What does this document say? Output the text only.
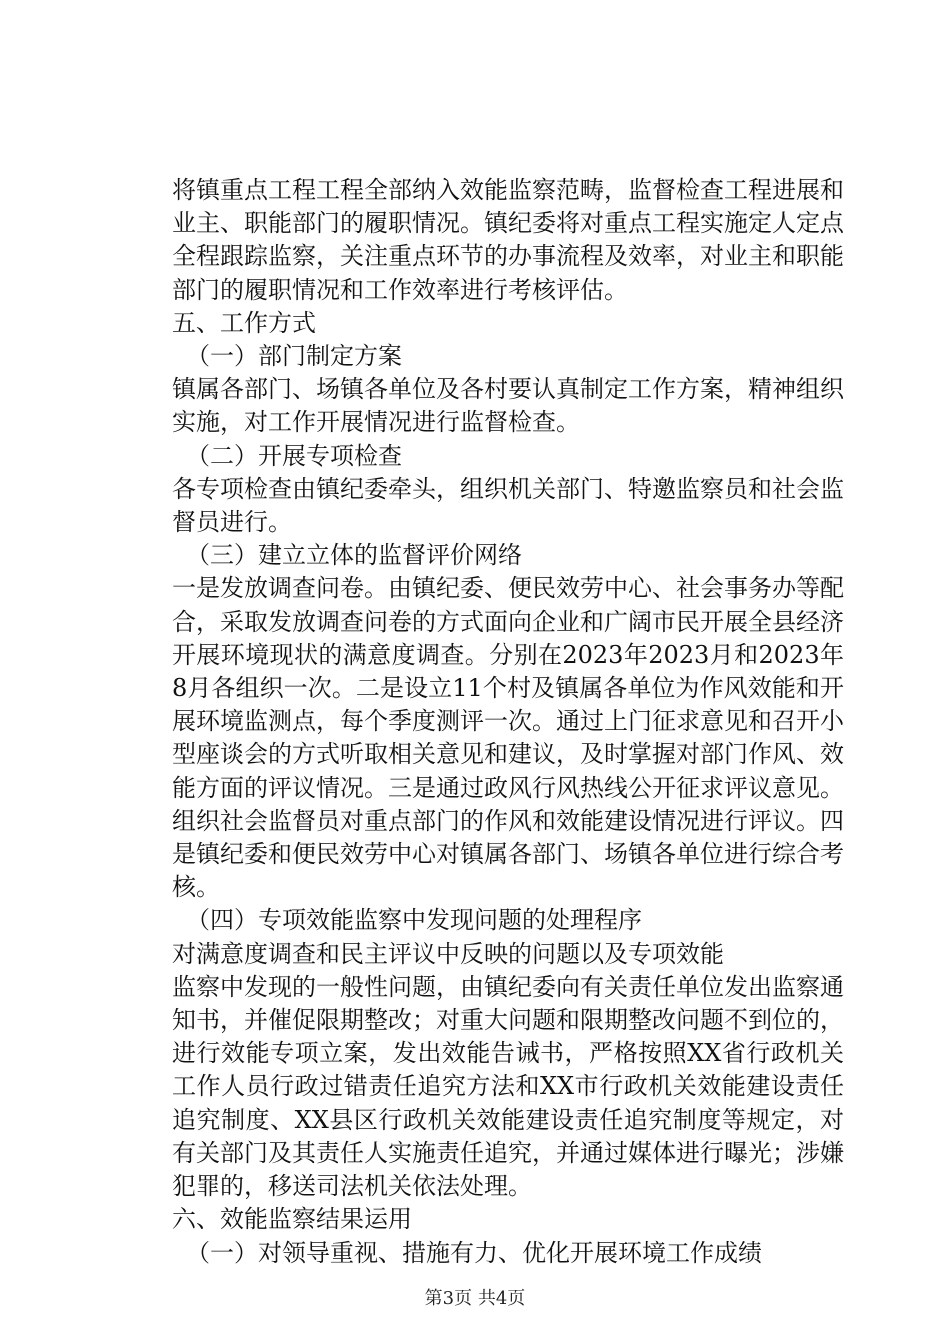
将镇重点工程工程全部纳入效能监察范畴，监督检查工程进展和业主、职能部门的履职情况。镇纪委将对重点工程实施定人定点全程跟踪监察，关注重点环节的办事流程及效率，对业主和职能部门的履职情况和工作效率进行考核评估。

五、工作方式

（一）部门制定方案

镇属各部门、场镇各单位及各村要认真制定工作方案，精神组织实施，对工作开展情况进行监督检查。

（二）开展专项检查

各专项检查由镇纪委牵头，组织机关部门、特邀监察员和社会监督员进行。

（三）建立立体的监督评价网络

一是发放调查问卷。由镇纪委、便民效劳中心、社会事务办等配合，采取发放调查问卷的方式面向企业和广阔市民开展全县经济开展环境现状的满意度调查。分别在2023年2023月和2023年8月各组织一次。二是设立11个村及镇属各单位为作风效能和开展环境监测点，每个季度测评一次。通过上门征求意见和召开小型座谈会的方式听取相关意见和建议，及时掌握对部门作风、效能方面的评议情况。三是通过政风行风热线公开征求评议意见。组织社会监督员对重点部门的作风和效能建设情况进行评议。四是镇纪委和便民效劳中心对镇属各部门、场镇各单位进行综合考核。

（四）专项效能监察中发现问题的处理程序

对满意度调查和民主评议中反映的问题以及专项效能

监察中发现的一般性问题，由镇纪委向有关责任单位发出监察通知书，并催促限期整改；对重大问题和限期整改问题不到位的，进行效能专项立案，发出效能告诫书，严格按照XX省行政机关工作人员行政过错责任追究方法和XX市行政机关效能建设责任追究制度、XX县区行政机关效能建设责任追究制度等规定，对有关部门及其责任人实施责任追究，并通过媒体进行曝光；涉嫌犯罪的，移送司法机关依法处理。

六、效能监察结果运用

（一）对领导重视、措施有力、优化开展环境工作成绩

第3页 共4页
